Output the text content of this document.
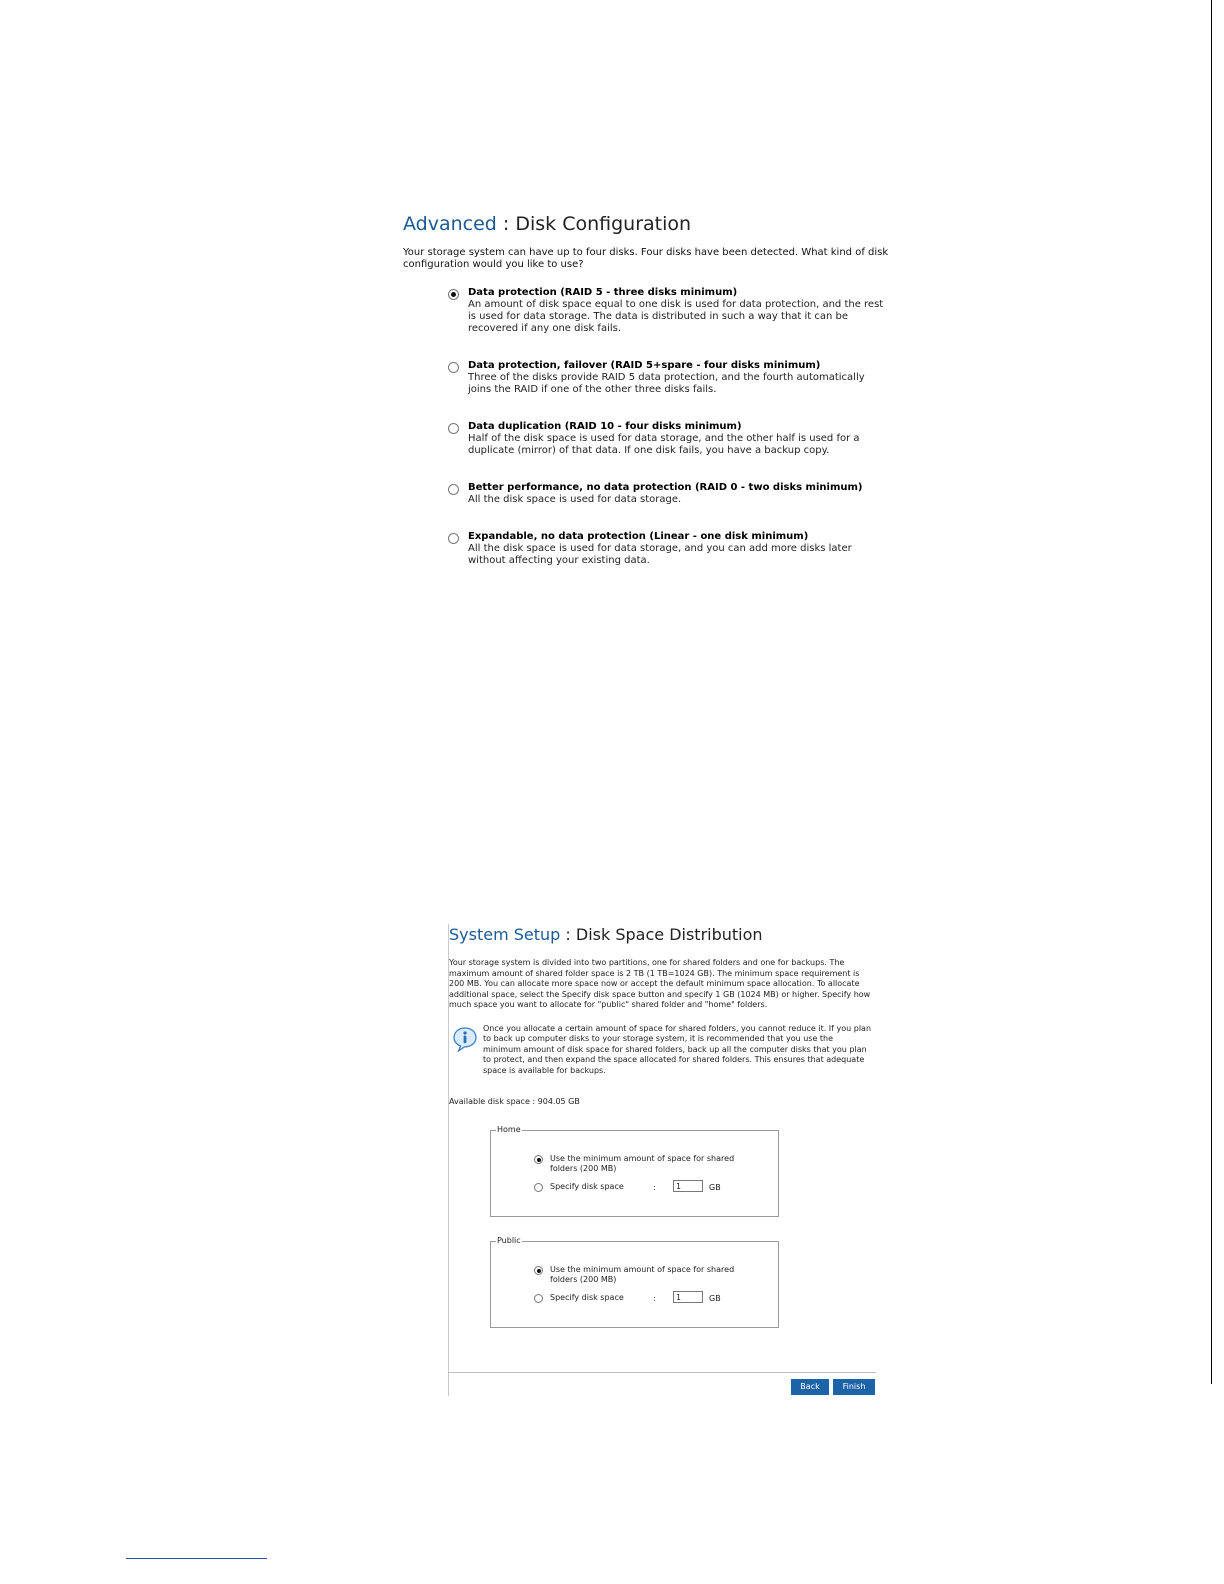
Advanced : Disk Configuration
Your storage system can have up to four disks. Four disks have been detected. What kind of disk configuration would you like to use?
Data protection (RAID 5 - three disks minimum)
An amount of disk space equal to one disk is used for data protection, and the rest is used for data storage. The data is distributed in such a way that it can be recovered if any one disk fails.
Data protection, failover (RAID 5+spare - four disks minimum)
Three of the disks provide RAID 5 data protection, and the fourth automatically joins the RAID if one of the other three disks fails.
Data duplication (RAID 10 - four disks minimum)
Half of the disk space is used for data storage, and the other half is used for a duplicate (mirror) of that data. If one disk fails, you have a backup copy.
Better performance, no data protection (RAID 0 - two disks minimum)
All the disk space is used for data storage.
Expandable, no data protection (Linear - one disk minimum)
All the disk space is used for data storage, and you can add more disks later without affecting your existing data.
System Setup : Disk Space Distribution
Your storage system is divided into two partitions, one for shared folders and one for backups. The maximum amount of shared folder space is 2 TB (1 TB=1024 GB). The minimum space requirement is 200 MB. You can allocate more space now or accept the default minimum space allocation. To allocate additional space, select the Specify disk space button and specify 1 GB (1024 MB) or higher. Specify how much space you want to allocate for "public" shared folder and "home" folders.
Once you allocate a certain amount of space for shared folders, you cannot reduce it. If you plan to back up computer disks to your storage system, it is recommended that you use the minimum amount of disk space for shared folders, back up all the computer disks that you plan to protect, and then expand the space allocated for shared folders. This ensures that adequate space is available for backups.
Available disk space : 904.05 GB
Home
Use the minimum amount of space for shared folders (200 MB)
Specify disk space	:
1	GB
Public
Use the minimum amount of space for shared folders (200 MB)
Specify disk space	:
1	GB
Back	Finish
